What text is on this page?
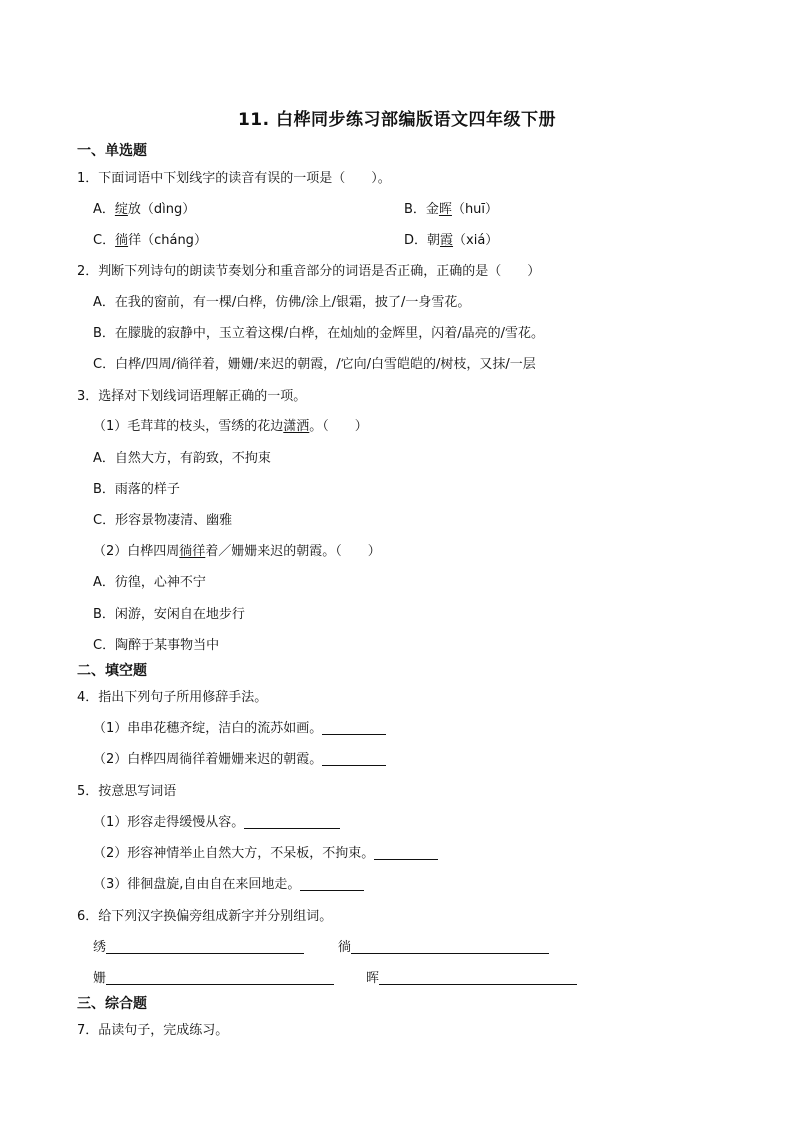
11. 白桦同步练习部编版语文四年级下册
一、单选题
1．下面词语中下划线字的读音有误的一项是（　　）。
A．绽放（dìng）	B．金晖（huī）
C．徜徉（cháng）	D．朝霞（xiá）
2．判断下列诗句的朗读节奏划分和重音部分的词语是否正确，正确的是（　　）
A．在我的窗前，有一棵/白桦，仿佛/涂上/银霜，披了/一身雪花。
B．在朦胧的寂静中，玉立着这棵/白桦，在灿灿的金辉里，闪着/晶亮的/雪花。
C．白桦/四周/徜徉着，姗姗/来迟的朝霞，/它向/白雪皑皑的/树枝，又抹/一层
3．选择对下划线词语理解正确的一项。
（1）毛茸茸的枝头，雪绣的花边潇洒。（　　）
A．自然大方，有韵致，不拘束
B．雨落的样子
C．形容景物凄清、幽雅
（2）白桦四周徜徉着／姗姗来迟的朝霞。（　　）
A．彷徨，心神不宁
B．闲游，安闲自在地步行
C．陶醉于某事物当中
二、填空题
4．指出下列句子所用修辞手法。
（1）串串花穗齐绽，洁白的流苏如画。
（2）白桦四周徜徉着姗姗来迟的朝霞。
5．按意思写词语
（1）形容走得缓慢从容。
（2）形容神情举止自然大方，不呆板，不拘束。
（3）徘徊盘旋,自由自在来回地走。
6．给下列汉字换偏旁组成新字并分别组词。
绣	徜
姗	晖
三、综合题
7．品读句子，完成练习。
